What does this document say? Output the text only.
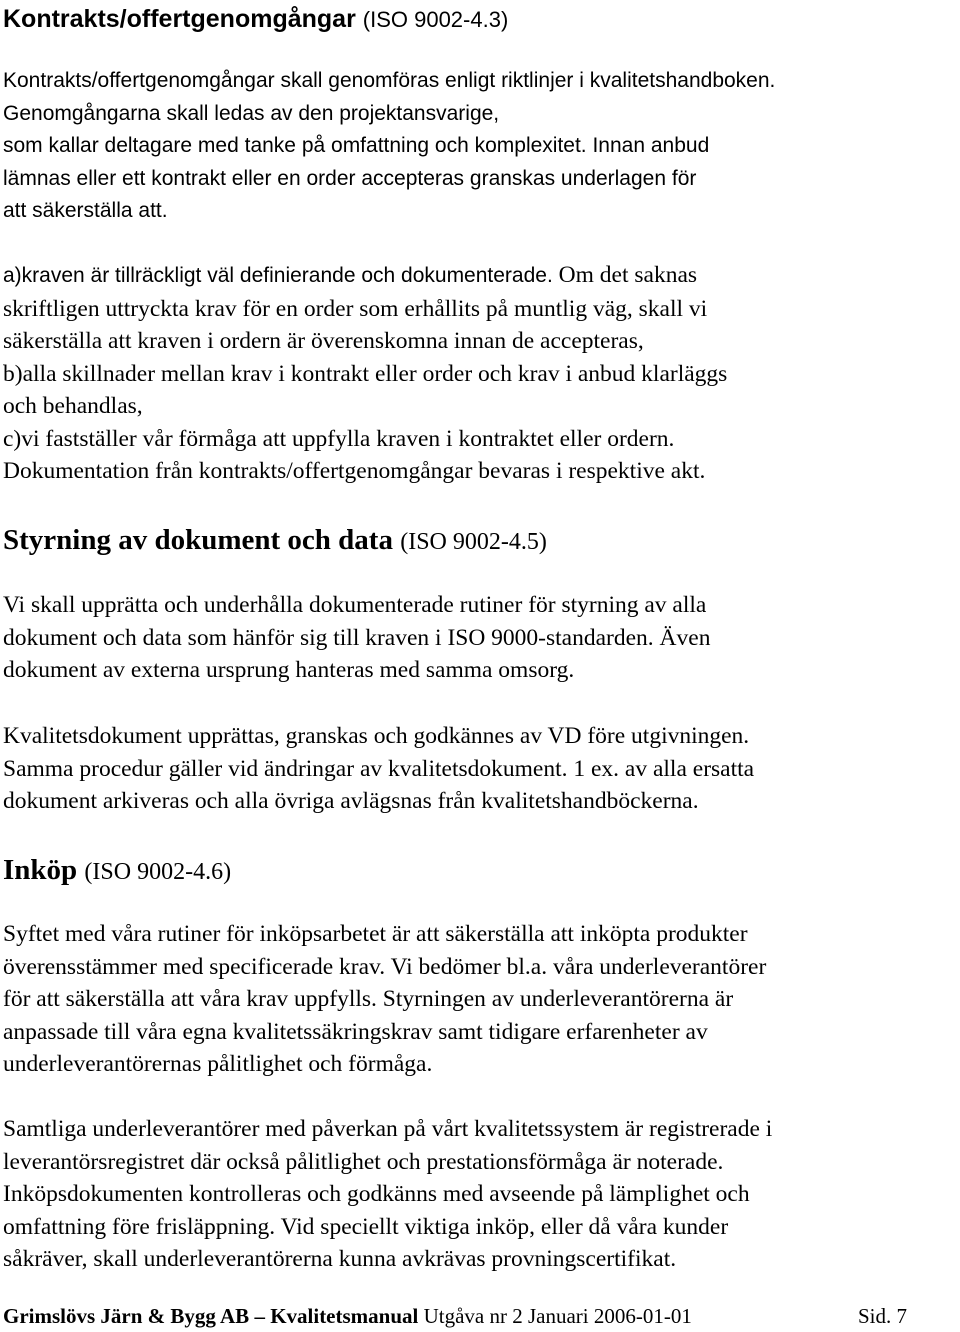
Kontrakts/offertgenomgångar (ISO 9002-4.3)
Kontrakts/offertgenomgångar skall genomföras enligt riktlinjer i kvalitetshandboken.
Genomgångarna skall ledas av den projektansvarige,
som kallar deltagare med tanke på omfattning och komplexitet. Innan anbud
lämnas eller ett kontrakt eller en order accepteras granskas underlagen för
att säkerställa att.
a)kraven är tillräckligt väl definierande och dokumenterade. Om det saknas
skriftligen uttryckta krav för en order som erhållits på muntlig väg, skall vi
säkerställa att kraven i ordern är överenskomna innan de accepteras,
b)alla skillnader mellan krav i kontrakt eller order och krav i anbud klarläggs
och behandlas,
c)vi fastställer vår förmåga att uppfylla kraven i kontraktet eller ordern.
Dokumentation från kontrakts/offertgenomgångar bevaras i respektive akt.
Styrning av dokument och data (ISO 9002-4.5)
Vi skall upprätta och underhålla dokumenterade rutiner för styrning av alla
dokument och data som hänför sig till kraven i ISO 9000-standarden. Även
dokument av externa ursprung hanteras med samma omsorg.
Kvalitetsdokument upprättas, granskas och godkännes av VD före utgivningen.
Samma procedur gäller vid ändringar av kvalitetsdokument. 1 ex. av alla ersatta
dokument arkiveras och alla övriga avlägsnas från kvalitetshandböckerna.
Inköp (ISO 9002-4.6)
Syftet med våra rutiner för inköpsarbetet är att säkerställa att inköpta produkter
överensstämmer med specificerade krav. Vi bedömer bl.a. våra underleverantörer
för att säkerställa att våra krav uppfylls. Styrningen av underleverantörerna är
anpassade till våra egna kvalitetssäkringskrav samt tidigare erfarenheter av
underleverantörernas pålitlighet och förmåga.
Samtliga underleverantörer med påverkan på vårt kvalitetssystem är registrerade i
leverantörsregistret där också pålitlighet och prestationsförmåga är noterade.
Inköpsdokumenten kontrolleras och godkänns med avseende på lämplighet och
omfattning före frisläppning. Vid speciellt viktiga inköp, eller då våra kunder
såkräver, skall underleverantörerna kunna avkrävas provningscertifikat.
Grimslövs Järn & Bygg AB – Kvalitetsmanual Utgåva nr 2 Januari 2006-01-01	Sid. 7
